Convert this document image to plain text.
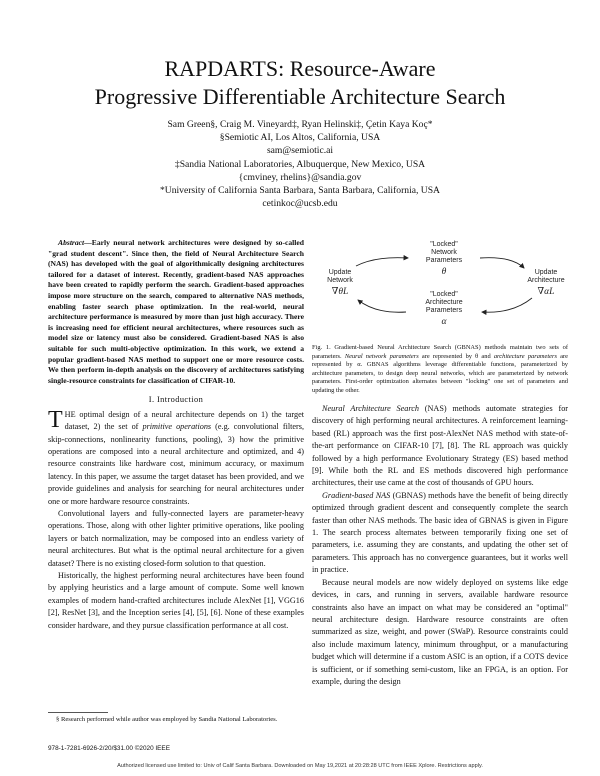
RAPDARTS: Resource-Aware
Progressive Differentiable Architecture Search
Sam Green§, Craig M. Vineyard‡, Ryan Helinski‡, Çetin Kaya Koç*
§Semiotic AI, Los Altos, California, USA
sam@semiotic.ai
‡Sandia National Laboratories, Albuquerque, New Mexico, USA
{cmviney, rhelins}@sandia.gov
*University of California Santa Barbara, Santa Barbara, California, USA
cetinkoc@ucsb.edu

Abstract—Early neural network architectures were designed by so-called "grad student descent". Since then, the field of Neural Architecture Search (NAS) has developed with the goal of algorithmically designing architectures tailored for a dataset of interest. Recently, gradient-based NAS approaches have been created to rapidly perform the search. Gradient-based approaches impose more structure on the search, compared to alternative NAS methods, enabling faster search phase optimization. In the real-world, neural architecture performance is measured by more than just high accuracy. There is increasing need for efficient neural architectures, where resources such as model size or latency must also be considered. Gradient-based NAS is also suitable for such multi-objective optimization. In this work, we extend a popular gradient-based NAS method to support one or more resource costs. We then perform in-depth analysis on the discovery of architectures satisfying single-resource constraints for classification of CIFAR-10.

I. Introduction

THE optimal design of a neural architecture depends on 1) the target dataset, 2) the set of primitive operations (e.g. convolutional filters, skip-connections, nonlinearity functions, pooling), 3) how the primitive operations are composed into a neural architecture and optimized, and 4) resource constraints like hardware cost, minimum accuracy, or maximum latency. In this paper, we assume the target dataset has been provided, and we provide guidelines and analysis for searching for neural architectures under one or more hardware resource constraints.

Convolutional layers and fully-connected layers are parameter-heavy operations. Those, along with other lighter primitive operations, like pooling layers or batch normalization, may be composed into an endless variety of neural architectures. But what is the optimal neural architecture for a given dataset? There is no existing closed-form solution to that question.

Historically, the highest performing neural architectures have been found by applying heuristics and a large amount of compute. Some well known examples of modern hand-crafted architectures include AlexNet [1], VGG16 [2], ResNet [3], and the Inception series [4], [5], [6]. None of these examples consider hardware, and they pursue classification performance at all cost.

§ Research performed while author was employed by Sandia National Laboratories.
"Locked"
Network
Parameters
θ
Update
Network
∇θL
Update
Architecture
∇αL
"Locked"
Architecture
Parameters
α
Fig. 1. Gradient-based Neural Architecture Search (GBNAS) methods maintain two sets of parameters. Neural network parameters are represented by θ and architecture parameters are represented by α. GBNAS algorithms leverage differentiable functions, parameterized by architecture parameters, to design deep neural networks, which are parameterized by network parameters. First-order optimization alternates between "locking" one set of parameters and updating the other.

Neural Architecture Search (NAS) methods automate strategies for discovery of high performing neural architectures. A reinforcement learning-based (RL) approach was the first post-AlexNet NAS method with state-of-the-art performance on CIFAR-10 [7], [8]. The RL approach was quickly followed by a high performance Evolutionary Strategy (ES) based method [9]. While both the RL and ES methods discovered high performance architectures, their use came at the cost of thousands of GPU hours.

Gradient-based NAS (GBNAS) methods have the benefit of being directly optimized through gradient descent and consequently complete the search faster than other NAS methods. The basic idea of GBNAS is given in Figure 1. The search process alternates between temporarily fixing one set of parameters, i.e. assuming they are constants, and updating the other set of parameters. This approach has no convergence guarantees, but it works well in practice.

Because neural models are now widely deployed on systems like edge devices, in cars, and running in servers, available hardware resource constraints also have an impact on what may be considered an "optimal" neural architecture design. Hardware resource constraints are often summarized as size, weight, and power (SWaP). Resource constraints could also include maximum latency, minimum throughput, or a manufacturing budget which will determine if a custom ASIC is an option, if a COTS device is sufficient, or if something semi-custom, like an FPGA, is an option. For example, during the design

978-1-7281-6926-2/20/$31.00 ©2020 IEEE
Authorized licensed use limited to: Univ of Calif Santa Barbara. Downloaded on May 19,2021 at 20:28:28 UTC from IEEE Xplore. Restrictions apply.
